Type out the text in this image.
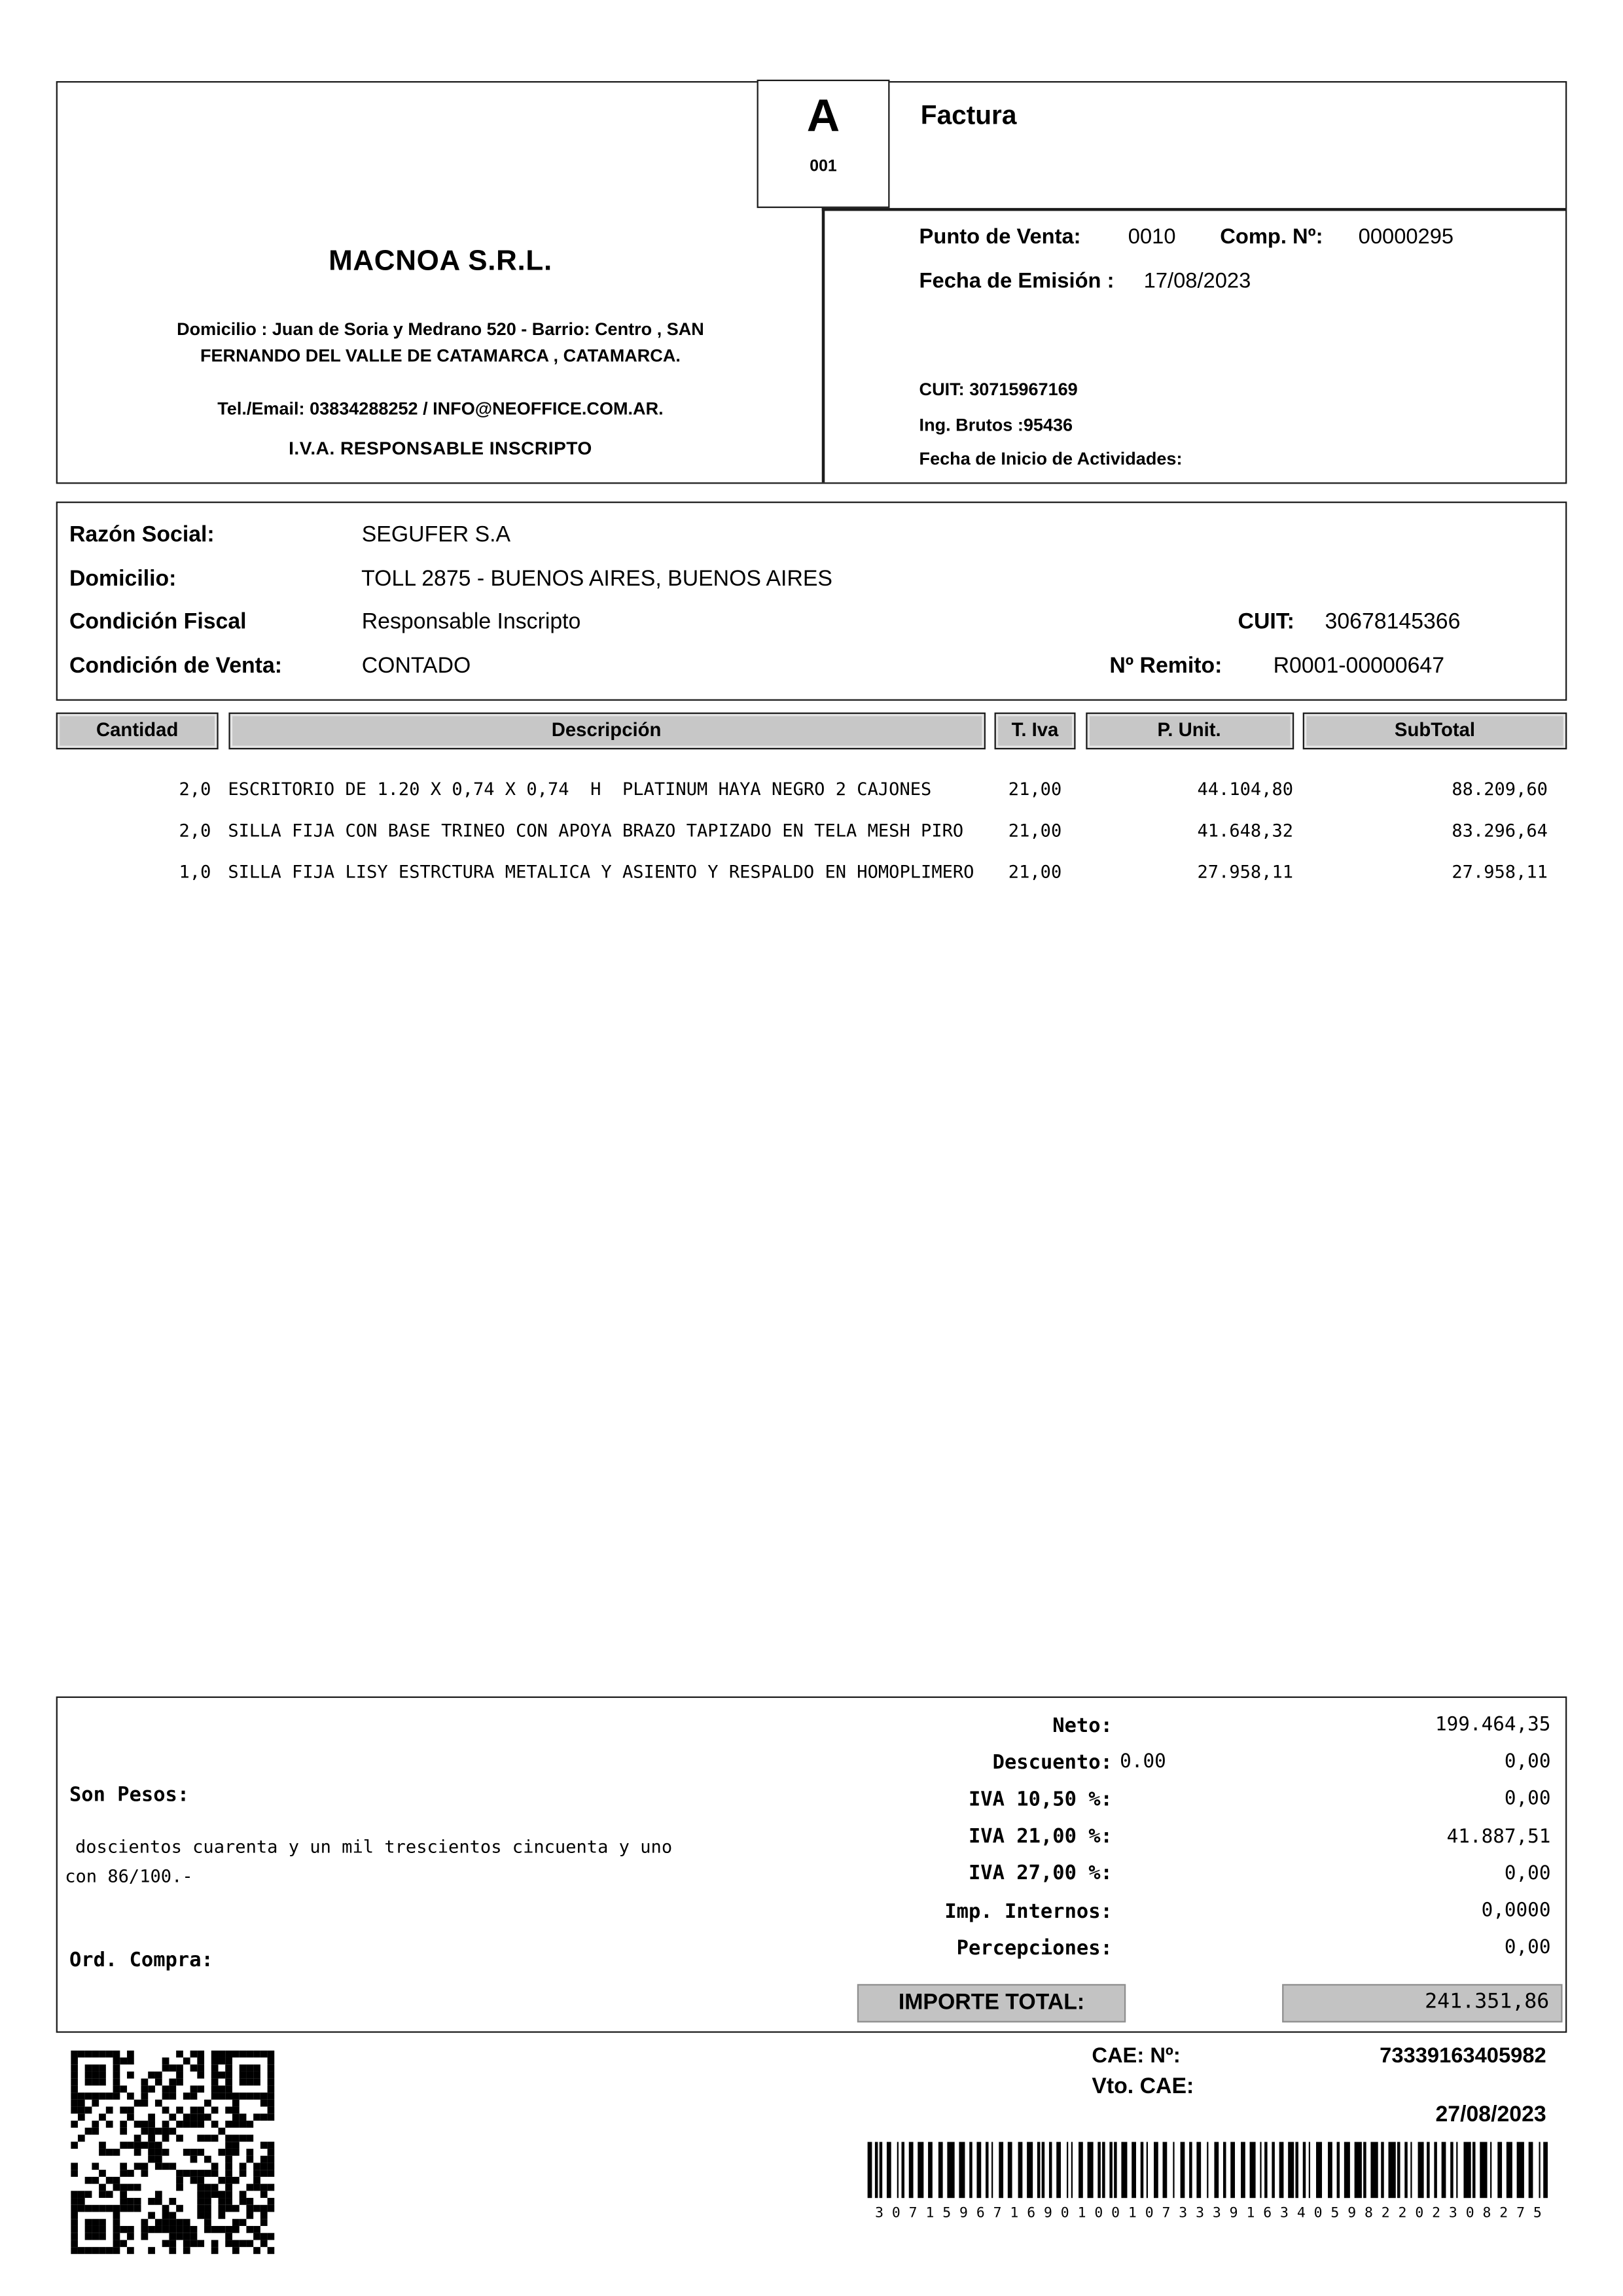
MACNOA S.R.L.
Domicilio : Juan de Soria y Medrano 520 - Barrio: Centro , SAN
FERNANDO DEL VALLE DE CATAMARCA , CATAMARCA.
Tel./Email: 03834288252 / INFO@NEOFFICE.COM.AR.
I.V.A. RESPONSABLE INSCRIPTO
A
001
Factura
Punto de Venta:	0010	Comp. Nº:	00000295
Fecha de Emisión :	17/08/2023
CUIT: 30715967169
Ing. Brutos :95436
Fecha de Inicio de Actividades:
Razón Social:	SEGUFER S.A
Domicilio:	TOLL 2875 - BUENOS AIRES, BUENOS AIRES
Condición Fiscal	Responsable Inscripto	CUIT:	30678145366
Condición de Venta:	CONTADO	Nº Remito:	R0001-00000647
Cantidad	Descripción	T. Iva	P. Unit.	SubTotal
2,0	ESCRITORIO DE 1.20 X 0,74 X 0,74  H  PLATINUM HAYA NEGRO 2 CAJONES	21,00	44.104,80	88.209,60
2,0	SILLA FIJA CON BASE TRINEO CON APOYA BRAZO TAPIZADO EN TELA MESH PIRO	21,00	41.648,32	83.296,64
1,0	SILLA FIJA LISY ESTRCTURA METALICA Y ASIENTO Y RESPALDO EN HOMOPLIMERO	21,00	27.958,11	27.958,11
Son Pesos:
doscientos cuarenta y un mil trescientos cincuenta y uno
con 86/100.-
Ord. Compra:
Neto:	199.464,35
Descuento: 0.00	0,00
IVA 10,50 %:	0,00
IVA 21,00 %:	41.887,51
IVA 27,00 %:	0,00
Imp. Internos:	0,0000
Percepciones:	0,00
IMPORTE TOTAL:	241.351,86
CAE: Nº:	73339163405982
Vto. CAE:
27/08/2023
3 0 7 1 5 9 6 7 1 6 9 0 1 0 0 1 0 7 3 3 3 9 1 6 3 4 0 5 9 8 2 2 0 2 3 0 8 2 7 5
